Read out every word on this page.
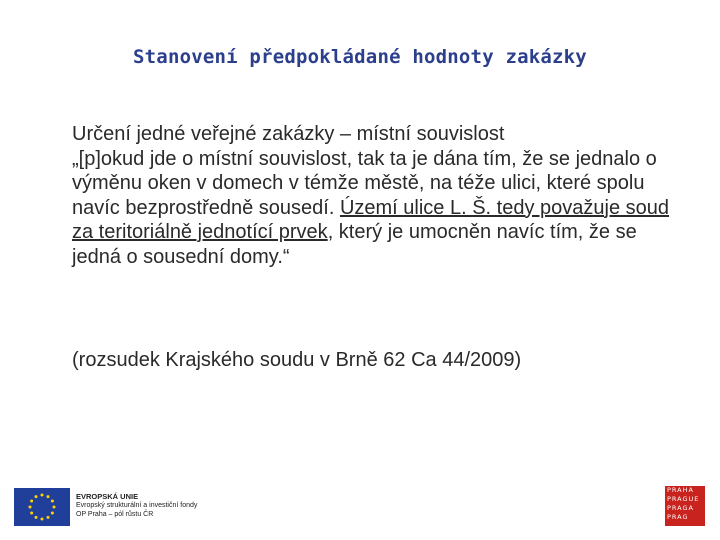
Stanovení předpokládané hodnoty zakázky

Určení jedné veřejné zakázky – místní souvislost

„[p]okud jde o místní souvislost, tak ta je dána tím, že se jednalo o výměnu oken v domech v témže městě, na téže ulici, které spolu navíc bezprostředně sousedí. Území ulice L. Š. tedy považuje soud za teritoriálně jednotící prvek, který je umocněn navíc tím, že se jedná o sousední domy.“

(rozsudek Krajského soudu v Brně 62 Ca 44/2009)
EVROPSKÁ UNIE
Evropský strukturální a investiční fondy
OP Praha – pól růstu ČR
PRAHA
PRAGUE
PRAGA
PRAG
